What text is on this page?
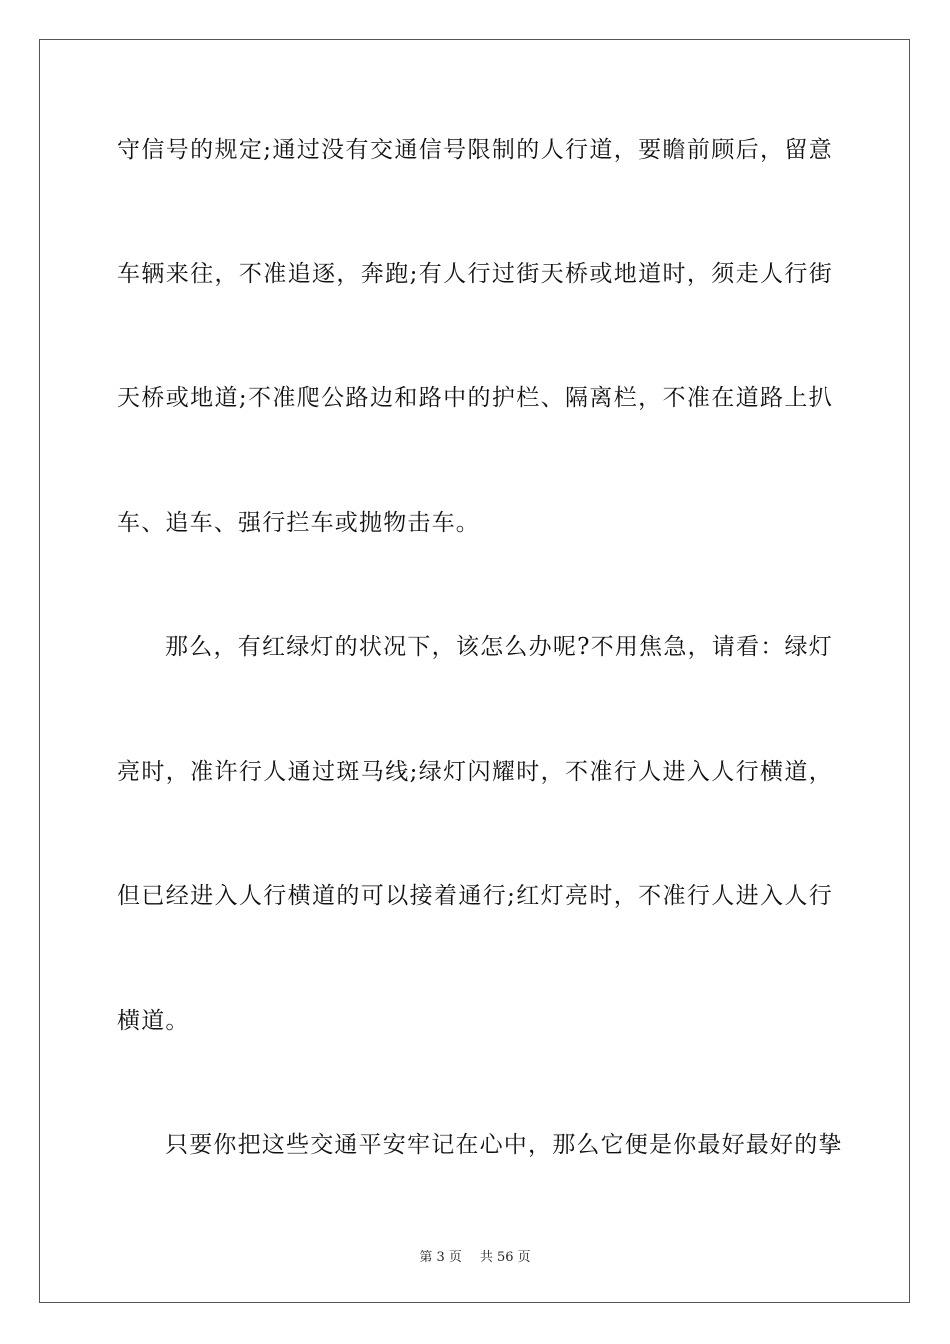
守信号的规定;通过没有交通信号限制的人行道，要瞻前顾后，留意
车辆来往，不准追逐，奔跑;有人行过街天桥或地道时，须走人行街
天桥或地道;不准爬公路边和路中的护栏、隔离栏，不准在道路上扒
车、追车、强行拦车或抛物击车。
那么，有红绿灯的状况下，该怎么办呢?不用焦急，请看：绿灯
亮时，准许行人通过斑马线;绿灯闪耀时，不准行人进入人行横道，
但已经进入人行横道的可以接着通行;红灯亮时，不准行人进入人行
横道。
只要你把这些交通平安牢记在心中，那么它便是你最好最好的挚
第 3 页 共 56 页
